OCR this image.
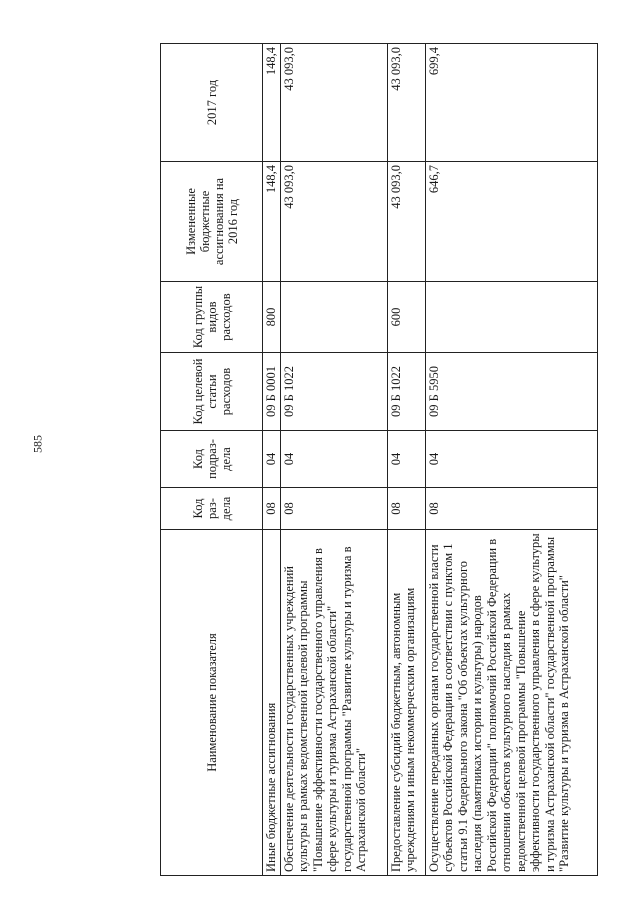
585
Наименование показателя	Код раз-дела	Код подраз-дела	Код целевой статьи расходов	Код группы видов расходов	Измененные бюджетные ассигнования на 2016 год	2017 год
Иные бюджетные ассигнования	08	04	09 Б 0001	800	148,4	148,4
Обеспечение деятельности государственных учреждений культуры в рамках ведомственной целевой программы "Повышение эффективности государственного управления в сфере культуры и туризма Астраханской области" государственной программы "Развитие культуры и туризма в Астраханской области"	08	04	09 Б 1022		43 093,0	43 093,0
Предоставление субсидий бюджетным, автономным учреждениям и иным некоммерческим организациям	08	04	09 Б 1022	600	43 093,0	43 093,0
Осуществление переданных органам государственной власти субъектов Российской Федерации в соответствии с пунктом 1 статьи 9.1 Федерального закона "Об объектах культурного наследия (памятниках истории и культуры) народов Российской Федерации" полномочий Российской Федерации в отношении объектов культурного наследия в рамках ведомственной целевой программы "Повышение эффективности государственного управления в сфере культуры и туризма Астраханской области" государственной программы "Развитие культуры и туризма в Астраханской области"	08	04	09 Б 5950		646,7	699,4
